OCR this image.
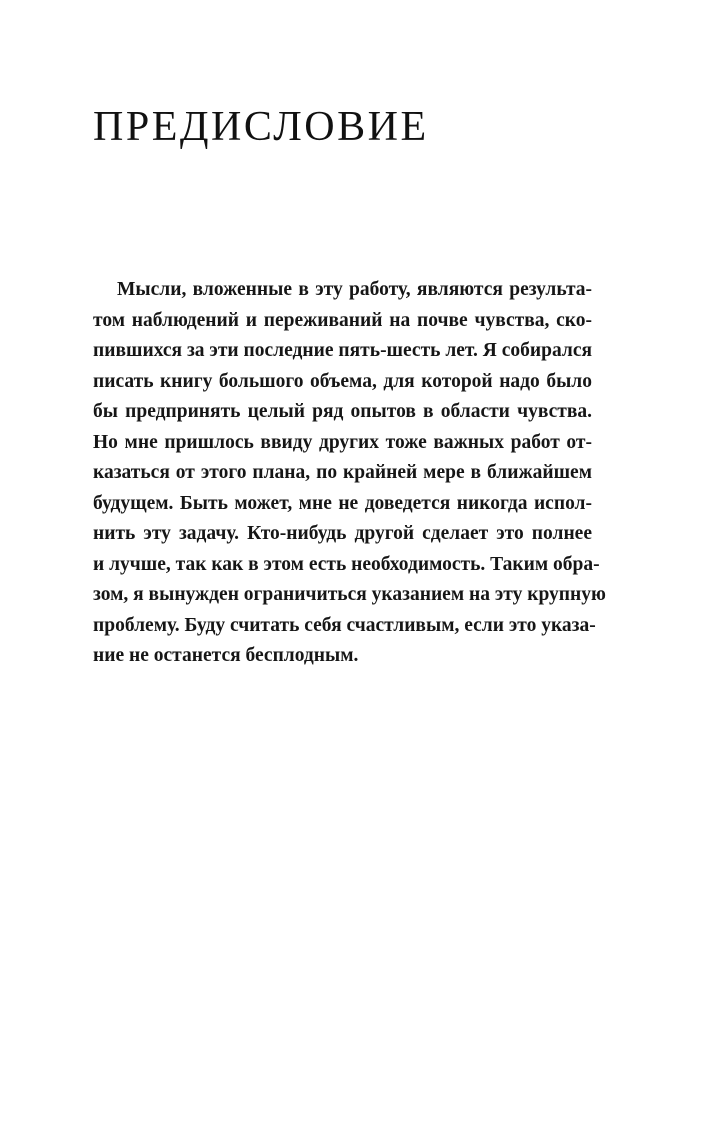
ПРЕДИСЛОВИЕ
Мысли, вложенные в эту работу, являются результа-
том наблюдений и переживаний на почве чувства, ско-
пившихся за эти последние пять-шесть лет. Я собирался
писать книгу большого объема, для которой надо было
бы предпринять целый ряд опытов в области чувства.
Но мне пришлось ввиду других тоже важных работ от-
казаться от этого плана, по крайней мере в ближайшем
будущем. Быть может, мне не доведется никогда испол-
нить эту задачу. Кто-нибудь другой сделает это полнее
и лучше, так как в этом есть необходимость. Таким обра-
зом, я вынужден ограничиться указанием на эту крупную
проблему. Буду считать себя счастливым, если это указа-
ние не останется бесплодным.
